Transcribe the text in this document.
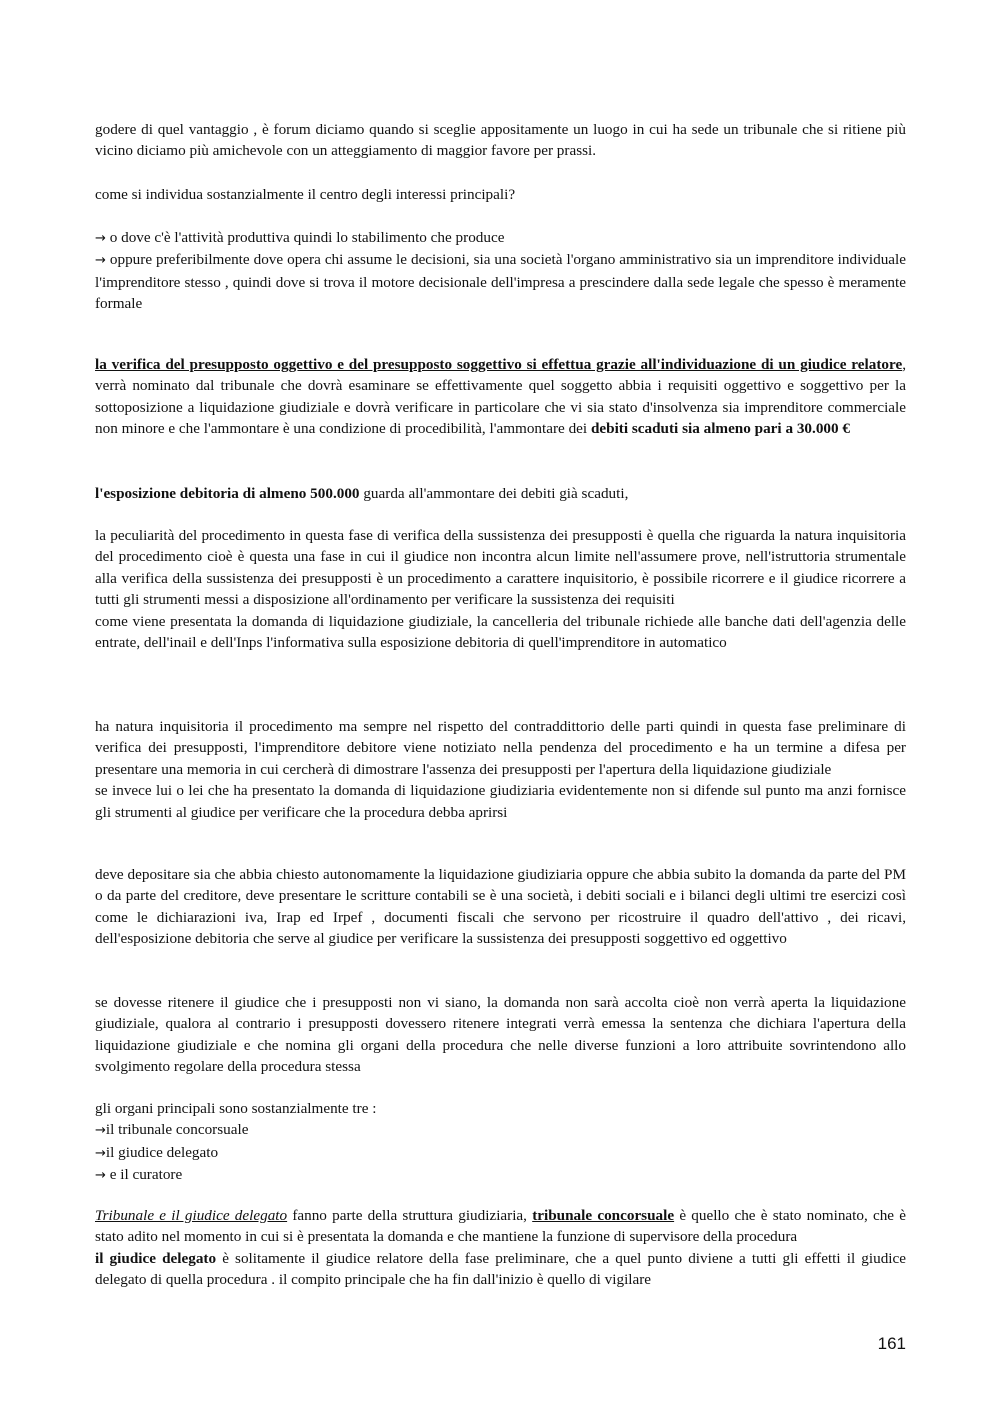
godere di quel vantaggio , è forum diciamo quando si sceglie appositamente un luogo in cui ha sede un tribunale che si ritiene più vicino diciamo più amichevole con un atteggiamento di maggior favore per prassi.

come si individua sostanzialmente il centro degli interessi principali?

→ o dove c'è l'attività produttiva quindi lo stabilimento che produce
→ oppure preferibilmente dove opera chi assume le decisioni, sia una società l'organo amministrativo sia un imprenditore individuale l'imprenditore stesso , quindi dove si trova il motore decisionale dell'impresa a prescindere dalla sede legale che spesso è meramente formale

la verifica del presupposto oggettivo e del presupposto soggettivo si effettua grazie all'individuazione di un giudice relatore, verrà nominato dal tribunale che dovrà esaminare se effettivamente quel soggetto abbia i requisiti oggettivo e soggettivo per la sottoposizione a liquidazione giudiziale e dovrà verificare in particolare che vi sia stato d'insolvenza sia imprenditore commerciale non minore e che l'ammontare è una condizione di procedibilità, l'ammontare dei debiti scaduti sia almeno pari a 30.000 €

l'esposizione debitoria di almeno 500.000 guarda all'ammontare dei debiti già scaduti,

la peculiarità del procedimento in questa fase di verifica della sussistenza dei presupposti è quella che riguarda la natura inquisitoria del procedimento cioè è questa una fase in cui il giudice non incontra alcun limite nell'assumere prove, nell'istruttoria strumentale alla verifica della sussistenza dei presupposti è un procedimento a carattere inquisitorio, è possibile ricorrere e il giudice ricorrere a tutti gli strumenti messi a disposizione all'ordinamento per verificare la sussistenza dei requisiti
come viene presentata la domanda di liquidazione giudiziale, la cancelleria del tribunale richiede alle banche dati dell'agenzia delle entrate, dell'inail e dell'Inps l'informativa sulla esposizione debitoria di quell'imprenditore in automatico
ha natura inquisitoria il procedimento ma sempre nel rispetto del contraddittorio delle parti quindi in questa fase preliminare di verifica dei presupposti, l'imprenditore debitore viene notiziato nella pendenza del procedimento e ha un termine a difesa per presentare una memoria in cui cercherà di dimostrare l'assenza dei presupposti per l'apertura della liquidazione giudiziale
se invece lui o lei che ha presentato la domanda di liquidazione giudiziaria evidentemente non si difende sul punto ma anzi fornisce gli strumenti al giudice per verificare che la procedura debba aprirsi

deve depositare sia che abbia chiesto autonomamente la liquidazione giudiziaria oppure che abbia subito la domanda da parte del PM o da parte del creditore, deve presentare le scritture contabili se è una società, i debiti sociali e i bilanci degli ultimi tre esercizi così come le dichiarazioni iva, Irap ed Irpef , documenti fiscali che servono per ricostruire il quadro dell'attivo , dei ricavi, dell'esposizione debitoria che serve al giudice per verificare la sussistenza dei presupposti soggettivo ed oggettivo

se dovesse ritenere il giudice che i presupposti non vi siano, la domanda non sarà accolta cioè non verrà aperta la liquidazione giudiziale, qualora al contrario i presupposti dovessero ritenere integrati verrà emessa la sentenza che dichiara l'apertura della liquidazione giudiziale e che nomina gli organi della procedura che nelle diverse funzioni a loro attribuite sovrintendono allo svolgimento regolare della procedura stessa

gli organi principali sono sostanzialmente tre :
→il tribunale concorsuale
→il giudice delegato
→ e il curatore
Tribunale e il giudice delegato fanno parte della struttura giudiziaria, tribunale concorsuale è quello che è stato nominato, che è stato adito nel momento in cui si è presentata la domanda e che mantiene la funzione di supervisore della procedura
il giudice delegato è solitamente il giudice relatore della fase preliminare, che a quel punto diviene a tutti gli effetti il giudice delegato di quella procedura . il compito principale che ha fin dall'inizio è quello di vigilare
161
